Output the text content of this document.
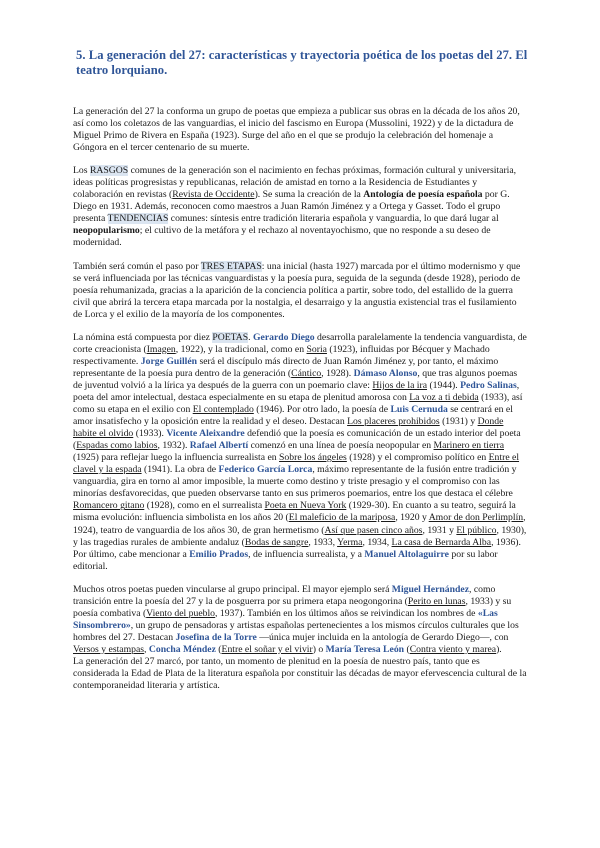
5. La generación del 27: características y trayectoria poética de los poetas del 27. El teatro lorquiano.

La generación del 27 la conforma un grupo de poetas que empieza a publicar sus obras en la década de los años 20, así como los coletazos de las vanguardias, el inicio del fascismo en Europa (Mussolini, 1922) y de la dictadura de Miguel Primo de Rivera en España (1923). Surge del año en el que se produjo la celebración del homenaje a Góngora en el tercer centenario de su muerte.

Los RASGOS comunes de la generación son el nacimiento en fechas próximas, formación cultural y universitaria, ideas políticas progresistas y republicanas, relación de amistad en torno a la Residencia de Estudiantes y colaboración en revistas (Revista de Occidente). Se suma la creación de la Antología de poesía española por G. Diego en 1931. Además, reconocen como maestros a Juan Ramón Jiménez y a Ortega y Gasset. Todo el grupo presenta TENDENCIAS comunes: síntesis entre tradición literaria española y vanguardia, lo que dará lugar al neopopularismo; el cultivo de la metáfora y el rechazo al noventayochismo, que no responde a su deseo de modernidad.

También será común el paso por TRES ETAPAS: una inicial (hasta 1927) marcada por el último modernismo y que se verá influenciada por las técnicas vanguardistas y la poesía pura, seguida de la segunda (desde 1928), periodo de poesía rehumanizada, gracias a la aparición de la conciencia política a partir, sobre todo, del estallido de la guerra civil que abrirá la tercera etapa marcada por la nostalgia, el desarraigo y la angustia existencial tras el fusilamiento de Lorca y el exilio de la mayoría de los componentes.

La nómina está compuesta por diez POETAS. Gerardo Diego desarrolla paralelamente la tendencia vanguardista, de corte creacionista (Imagen, 1922), y la tradicional, como en Soria (1923), influidas por Bécquer y Machado respectivamente. Jorge Guillén será el discípulo más directo de Juan Ramón Jiménez y, por tanto, el máximo representante de la poesía pura dentro de la generación (Cántico, 1928). Dámaso Alonso, que tras algunos poemas de juventud volvió a la lírica ya después de la guerra con un poemario clave: Hijos de la ira (1944). Pedro Salinas, poeta del amor intelectual, destaca especialmente en su etapa de plenitud amorosa con La voz a ti debida (1933), así como su etapa en el exilio con El contemplado (1946). Por otro lado, la poesía de Luis Cernuda se centrará en el amor insatisfecho y la oposición entre la realidad y el deseo. Destacan Los placeres prohibidos (1931) y Donde habite el olvido (1933). Vicente Aleixandre defendió que la poesía es comunicación de un estado interior del poeta (Espadas como labios, 1932). Rafael Albertí comenzó en una línea de poesía neopopular en Marinero en tierra (1925) para reflejar luego la influencia surrealista en Sobre los ángeles (1928) y el compromiso político en Entre el clavel y la espada (1941). La obra de Federico García Lorca, máximo representante de la fusión entre tradición y vanguardia, gira en torno al amor imposible, la muerte como destino y triste presagio y el compromiso con las minorías desfavorecidas, que pueden observarse tanto en sus primeros poemarios, entre los que destaca el célebre Romancero gitano (1928), como en el surrealista Poeta en Nueva York (1929-30). En cuanto a su teatro, seguirá la misma evolución: influencia simbolista en los años 20 (El maleficio de la mariposa, 1920 y Amor de don Perlimplín, 1924), teatro de vanguardia de los años 30, de gran hermetismo (Así que pasen cinco años, 1931 y El público, 1930), y las tragedias rurales de ambiente andaluz (Bodas de sangre, 1933, Yerma, 1934, La casa de Bernarda Alba, 1936). Por último, cabe mencionar a Emilio Prados, de influencia surrealista, y a Manuel Altolaguirre por su labor editorial.

Muchos otros poetas pueden vincularse al grupo principal. El mayor ejemplo será Miguel Hernández, como transición entre la poesía del 27 y la de posguerra por su primera etapa neogongorina (Perito en lunas, 1933) y su poesía combativa (Viento del pueblo, 1937). También en los últimos años se reivindican los nombres de «Las Sinsombrero», un grupo de pensadoras y artistas españolas pertenecientes a los mismos círculos culturales que los hombres del 27. Destacan Josefina de la Torre —única mujer incluida en la antología de Gerardo Diego—, con Versos y estampas, Concha Méndez (Entre el soñar y el vivir) o María Teresa León (Contra viento y marea).

La generación del 27 marcó, por tanto, un momento de plenitud en la poesía de nuestro país, tanto que es considerada la Edad de Plata de la literatura española por constituir las décadas de mayor efervescencia cultural de la contemporaneidad literaria y artística.
